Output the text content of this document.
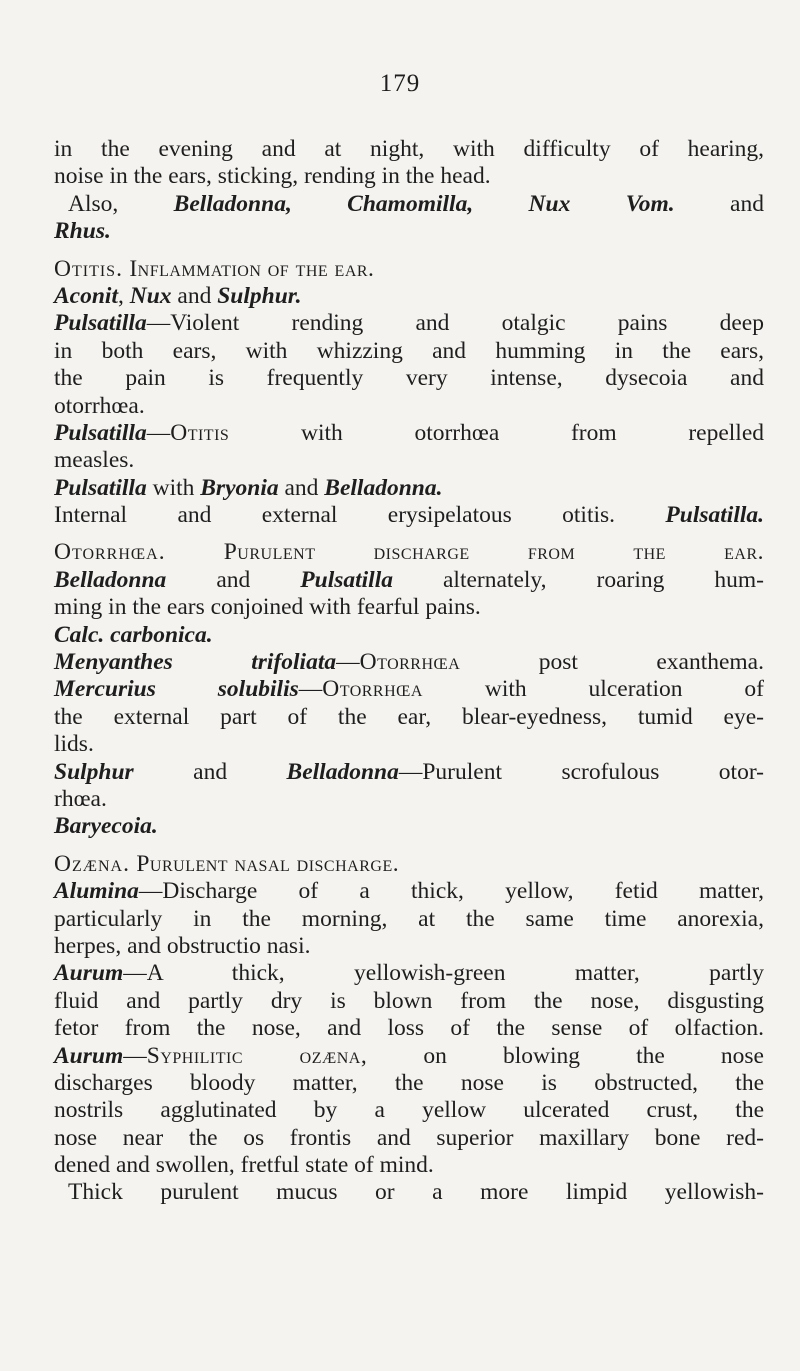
179
in the evening and at night, with difficulty of hearing,
noise in the ears, sticking, rending in the head.
Also, Belladonna, Chamomilla, Nux Vom. and
Rhus.
Otitis. Inflammation of the ear.
Aconit, Nux and Sulphur.
Pulsatilla—Violent rending and otalgic pains deep
in both ears, with whizzing and humming in the ears,
the pain is frequently very intense, dysecoia and
otorrhœa.
Pulsatilla—Otitis with otorrhœa from repelled
measles.
Pulsatilla with Bryonia and Belladonna.
Internal and external erysipelatous otitis. Pulsatilla.
Otorrhœa. Purulent discharge from the ear.
Belladonna and Pulsatilla alternately, roaring hum-
ming in the ears conjoined with fearful pains.
Calc. carbonica.
Menyanthes trifoliata—Otorrhœa post exanthema.
Mercurius solubilis—Otorrhœa with ulceration of
the external part of the ear, blear-eyedness, tumid eye-
lids.
Sulphur and Belladonna—Purulent scrofulous otor-
rhœa.
Baryecoia.
Ozæna. Purulent nasal discharge.
Alumina—Discharge of a thick, yellow, fetid matter,
particularly in the morning, at the same time anorexia,
herpes, and obstructio nasi.
Aurum—A thick, yellowish-green matter, partly
fluid and partly dry is blown from the nose, disgusting
fetor from the nose, and loss of the sense of olfaction.
Aurum—Syphilitic ozæna, on blowing the nose
discharges bloody matter, the nose is obstructed, the
nostrils agglutinated by a yellow ulcerated crust, the
nose near the os frontis and superior maxillary bone red-
dened and swollen, fretful state of mind.
Thick purulent mucus or a more limpid yellowish-
